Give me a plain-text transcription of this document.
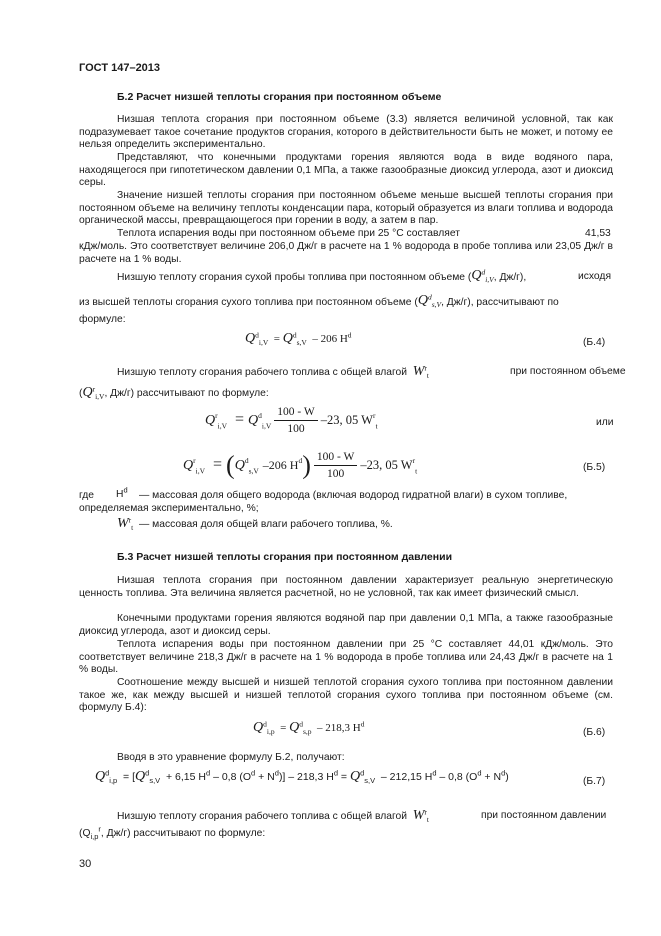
ГОСТ 147–2013
Б.2 Расчет низшей теплоты сгорания при постоянном объеме
Низшая теплота сгорания при постоянном объеме (3.3) является величиной условной, так как подразумевает такое сочетание продуктов сгорания, которого в действительности быть не может, и потому ее нельзя определить экспериментально.
Представляют, что конечными продуктами горения являются вода в виде водяного пара, находящегося при гипотетическом давлении 0,1 МПа, а также газообразные диоксид углерода, азот и диоксид серы.
Значение низшей теплоты сгорания при постоянном объеме меньше высшей теплоты сгорания при постоянном объеме на величину теплоты конденсации пара, который образуется из влаги топлива и водорода органической массы, превращающегося при горении в воду, а затем в пар.
Теплота испарения воды при постоянном объеме при 25 °С составляет	41,53
кДж/моль. Это соответствует величине 206,0 Дж/г в расчете на 1 % водорода в пробе топлива или 23,05 Дж/г в расчете на 1 % воды.
Низшую теплоту сгорания сухой пробы топлива при постоянном объеме ($Q^d_{i,V}$, Дж/г),	исходя
из высшей теплоты сгорания сухого топлива при постоянном объеме ($Q^d_{s,V}$, Дж/г), рассчитывают по
формуле:
$Q^d_{i,V} = Q^d_{s,V} - 206$ $H^d$
(Б.4)
Низшую теплоту сгорания рабочего топлива с общей влагой $W^r_t$	при постоянном объеме
($Q^r_{i,V}$, Дж/г) рассчитывают по формуле:
$Q^r_{i,V} = Q^d_{i,V} \frac{100 - W}{100} -23$, 05 $W^r_t$	или
$Q^r_{i,V} = (Q^d_{s,V}$ –206 $H^d) \frac{100 - W}{100} -23$, 05 $W^r_t$	(Б.5)
где $H^d$ — массовая доля общего водорода (включая водород гидратной влаги) в сухом топливе,
определяемая экспериментально, %;
$W^r_t$ — массовая доля общей влаги рабочего топлива, %.
Б.3 Расчет низшей теплоты сгорания при постоянном давлении
Низшая теплота сгорания при постоянном давлении характеризует реальную энергетическую ценность топлива. Эта величина является расчетной, но не условной, так как имеет физический смысл.
Конечными продуктами горения являются водяной пар при давлении 0,1 МПа, а также газообразные диоксид углерода, азот и диоксид серы.
Теплота испарения воды при постоянном давлении при 25 °С составляет 44,01 кДж/моль. Это соответствует величине 218,3 Дж/г в расчете на 1 % водорода в пробе топлива или 24,43 Дж/г в расчете на 1 % воды.
Соотношение между высшей и низшей теплотой сгорания сухого топлива при постоянном давлении такое же, как между высшей и низшей теплотой сгорания сухого топлива при постоянном объеме (см. формулу Б.4):
$Q^d_{i,p} = Q^d_{s,p} - 218,3$ $H^d$
(Б.6)
Вводя в это уравнение формулу Б.2, получают:
$Q^d_{i,p} = [Q^d_{s,V} + 6,15$ $H^d - 0,8$ $(O^d + N^d)] - 218,3$ $H^d = Q^d_{s,V} - 212,15$ $H^d - 0,8$ $(O^d + N^d)$	(Б.7)
Низшую теплоту сгорания рабочего топлива с общей влагой $W^r_t$	при постоянном давлении
($Q_{i,p}^r$, Дж/г) рассчитывают по формуле:
30
